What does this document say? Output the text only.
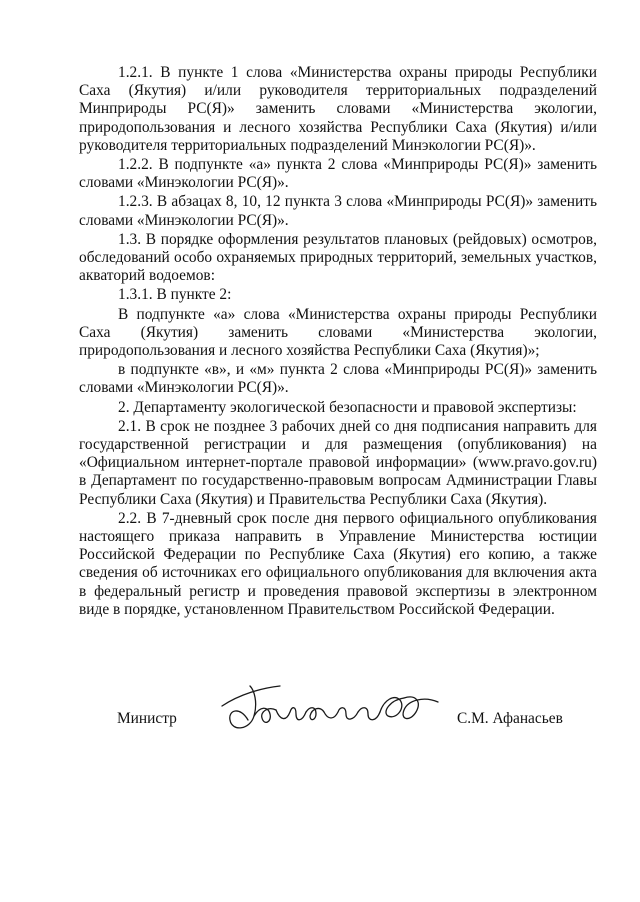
1.2.1. В пункте 1 слова «Министерства охраны природы Республики Саха (Якутия) и/или руководителя территориальных подразделений Минприроды РС(Я)» заменить словами «Министерства экологии, природопользования и лесного хозяйства Республики Саха (Якутия) и/или руководителя территориальных подразделений Минэкологии РС(Я)».

1.2.2. В подпункте «а» пункта 2 слова «Минприроды РС(Я)» заменить словами «Минэкологии РС(Я)».

1.2.3. В абзацах 8, 10, 12 пункта 3 слова «Минприроды РС(Я)» заменить словами «Минэкологии РС(Я)».

1.3. В порядке оформления результатов плановых (рейдовых) осмотров, обследований особо охраняемых природных территорий, земельных участков, акваторий водоемов:

1.3.1. В пункте 2:

В подпункте «а» слова «Министерства охраны природы Республики Саха (Якутия) заменить словами «Министерства экологии, природопользования и лесного хозяйства Республики Саха (Якутия)»;

в подпункте «в», и «м» пункта 2 слова «Минприроды РС(Я)» заменить словами «Минэкологии РС(Я)».

2. Департаменту экологической безопасности и правовой экспертизы:

2.1. В срок не позднее 3 рабочих дней со дня подписания направить для государственной регистрации и для размещения (опубликования) на «Официальном интернет-портале правовой информации» (www.pravo.gov.ru) в Департамент по государственно-правовым вопросам Администрации Главы Республики Саха (Якутия) и Правительства Республики Саха (Якутия).

2.2. В 7-дневный срок после дня первого официального опубликования настоящего приказа направить в Управление Министерства юстиции Российской Федерации по Республике Саха (Якутия) его копию, а также сведения об источниках его официального опубликования для включения акта в федеральный регистр и проведения правовой экспертизы в электронном виде в порядке, установленном Правительством Российской Федерации.

Министр	С.М. Афанасьев
